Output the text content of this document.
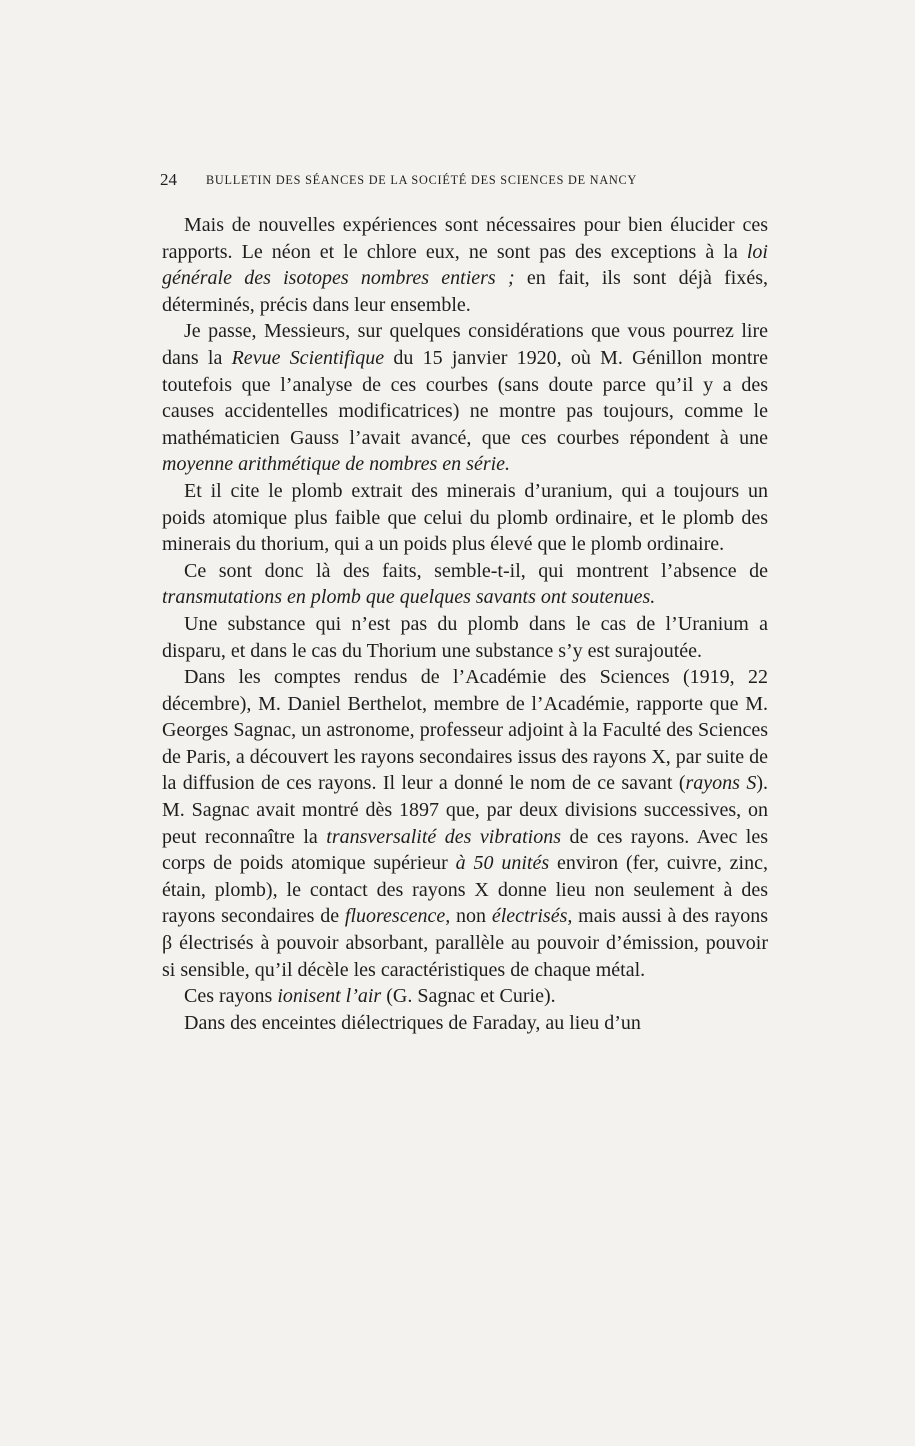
24 BULLETIN DES SÉANCES DE LA SOCIÉTÉ DES SCIENCES DE NANCY

Mais de nouvelles expériences sont nécessaires pour bien élucider ces rapports. Le néon et le chlore eux, ne sont pas des exceptions à la loi générale des isotopes nombres entiers ; en fait, ils sont déjà fixés, déterminés, précis dans leur ensemble.

Je passe, Messieurs, sur quelques considérations que vous pourrez lire dans la Revue Scientifique du 15 janvier 1920, où M. Génillon montre toutefois que l’analyse de ces courbes (sans doute parce qu’il y a des causes accidentelles modificatrices) ne montre pas toujours, comme le mathématicien Gauss l’avait avancé, que ces courbes répondent à une moyenne arithmétique de nombres en série.

Et il cite le plomb extrait des minerais d’uranium, qui a toujours un poids atomique plus faible que celui du plomb ordinaire, et le plomb des minerais du thorium, qui a un poids plus élevé que le plomb ordinaire.

Ce sont donc là des faits, semble-t-il, qui montrent l’absence de transmutations en plomb que quelques savants ont soutenues.

Une substance qui n’est pas du plomb dans le cas de l’Uranium a disparu, et dans le cas du Thorium une substance s’y est surajoutée.

Dans les comptes rendus de l’Académie des Sciences (1919, 22 décembre), M. Daniel Berthelot, membre de l’Académie, rapporte que M. Georges Sagnac, un astronome, professeur adjoint à la Faculté des Sciences de Paris, a découvert les rayons secondaires issus des rayons X, par suite de la diffusion de ces rayons. Il leur a donné le nom de ce savant (rayons S). M. Sagnac avait montré dès 1897 que, par deux divisions successives, on peut reconnaître la transversalité des vibrations de ces rayons. Avec les corps de poids atomique supérieur à 50 unités environ (fer, cuivre, zinc, étain, plomb), le contact des rayons X donne lieu non seulement à des rayons secondaires de fluorescence, non électrisés, mais aussi à des rayons β électrisés à pouvoir absorbant, parallèle au pouvoir d’émission, pouvoir si sensible, qu’il décèle les caractéristiques de chaque métal.

Ces rayons ionisent l’air (G. Sagnac et Curie).

Dans des enceintes diélectriques de Faraday, au lieu d’un
